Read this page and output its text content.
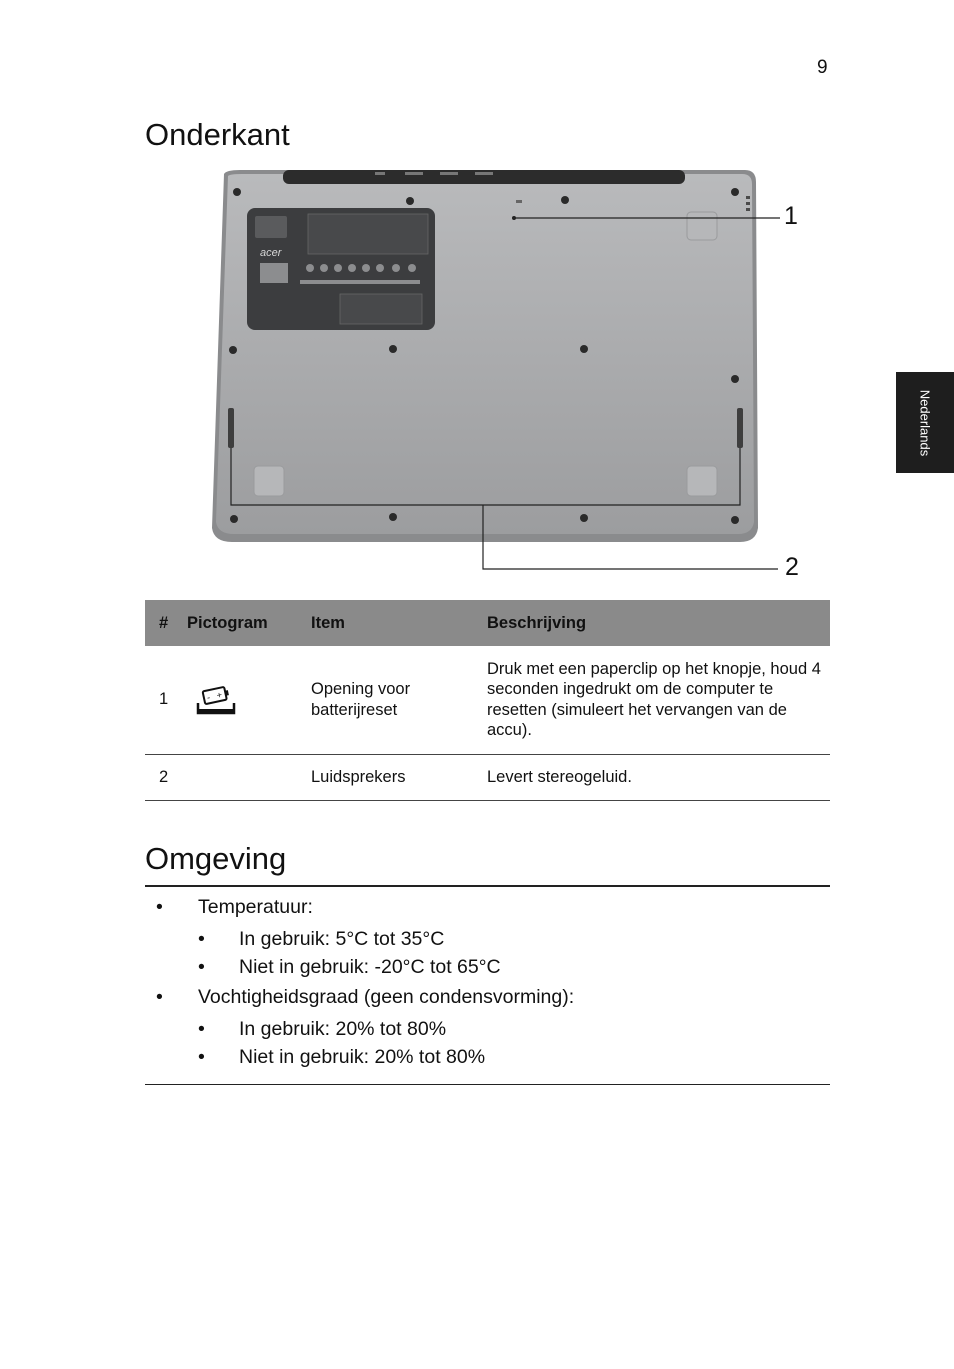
9
Onderkant
Nederlands
acer
1
2
#	Pictogram	Item	Beschrijving
1	- +	Opening voor batterijreset	Druk met een paperclip op het knopje, houd 4 seconden ingedrukt om de computer te resetten (simuleert het vervangen van de accu).
2		Luidsprekers	Levert stereogeluid.
Omgeving
• Temperatuur:
• In gebruik: 5°C tot 35°C
• Niet in gebruik: -20°C tot 65°C
• Vochtigheidsgraad (geen condensvorming):
• In gebruik: 20% tot 80%
• Niet in gebruik: 20% tot 80%
